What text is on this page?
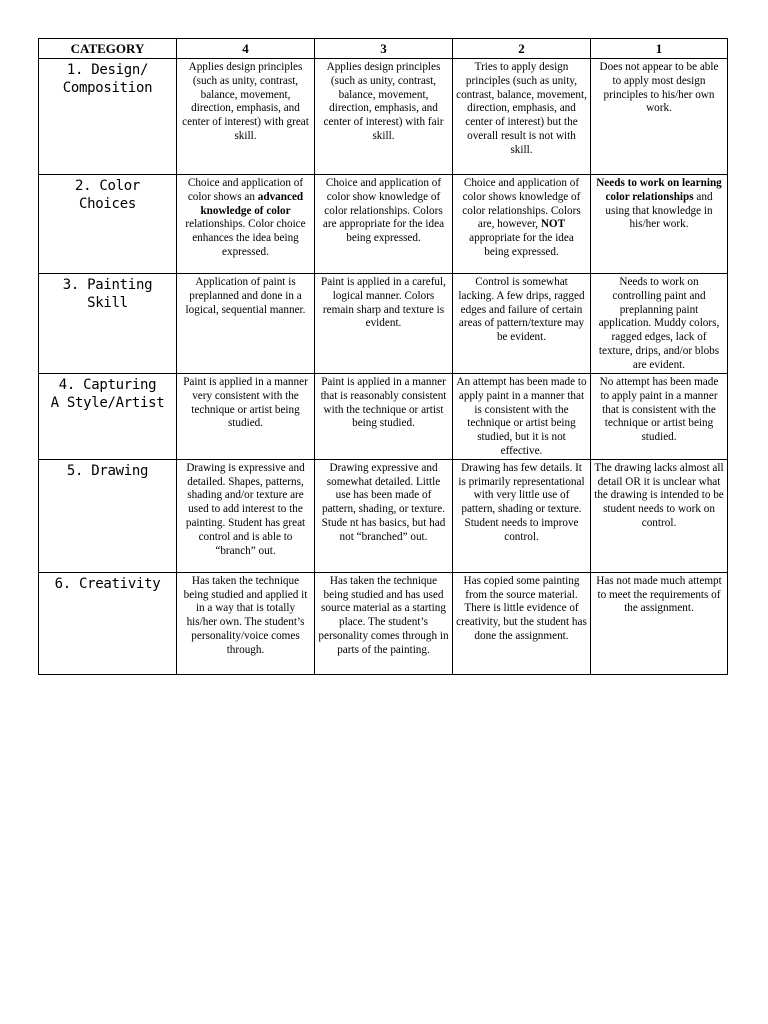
CATEGORY	4	3	2	1

1. Design/
Composition	Applies design principles (such as unity, contrast, balance, movement, direction, emphasis, and center of interest) with great skill.	Applies design principles (such as unity, contrast, balance, movement, direction, emphasis, and center of interest) with fair skill.	Tries to apply design principles (such as unity, contrast, balance, movement, direction, emphasis, and center of interest) but the overall result is not with skill.	Does not appear to be able to apply most design principles to his/her own work.

2. Color
Choices	Choice and application of color shows an advanced knowledge of color relationships. Color choice enhances the idea being expressed.	Choice and application of color show knowledge of color relationships. Colors are appropriate for the idea being expressed.	Choice and application of color shows knowledge of color relationships. Colors are, however, NOT appropriate for the idea being expressed.	Needs to work on learning color relationships and using that knowledge in his/her work.

3. Painting
Skill	Application of paint is preplanned and done in a logical, sequential manner.	Paint is applied in a careful, logical manner. Colors remain sharp and texture is evident.	Control is somewhat lacking. A few drips, ragged edges and failure of certain areas of pattern/texture may be evident.	Needs to work on controlling paint and preplanning paint application. Muddy colors, ragged edges, lack of texture, drips, and/or blobs are evident.

4. Capturing
A Style/Artist	Paint is applied in a manner very consistent with the technique or artist being studied.	Paint is applied in a manner that is reasonably consistent with the technique or artist being studied.	An attempt has been made to apply paint in a manner that is consistent with the technique or artist being studied, but it is not effective.	No attempt has been made to apply paint in a manner that is consistent with the technique or artist being studied.

5. Drawing	Drawing is expressive and detailed. Shapes, patterns, shading and/or texture are used to add interest to the painting. Student has great control and is able to “branch” out.	Drawing expressive and somewhat detailed. Little use has been made of pattern, shading, or texture. Stude nt has basics, but had not “branched” out.	Drawing has few details. It is primarily representational with very little use of pattern, shading or texture. Student needs to improve control.	The drawing lacks almost all detail OR it is unclear what the drawing is intended to be student needs to work on control.

6. Creativity	Has taken the technique being studied and applied it in a way that is totally his/her own. The student’s personality/voice comes through.	Has taken the technique being studied and has used source material as a starting place. The student’s personality comes through in parts of the painting.	Has copied some painting from the source material. There is little evidence of creativity, but the student has done the assignment.	Has not made much attempt to meet the requirements of the assignment.
